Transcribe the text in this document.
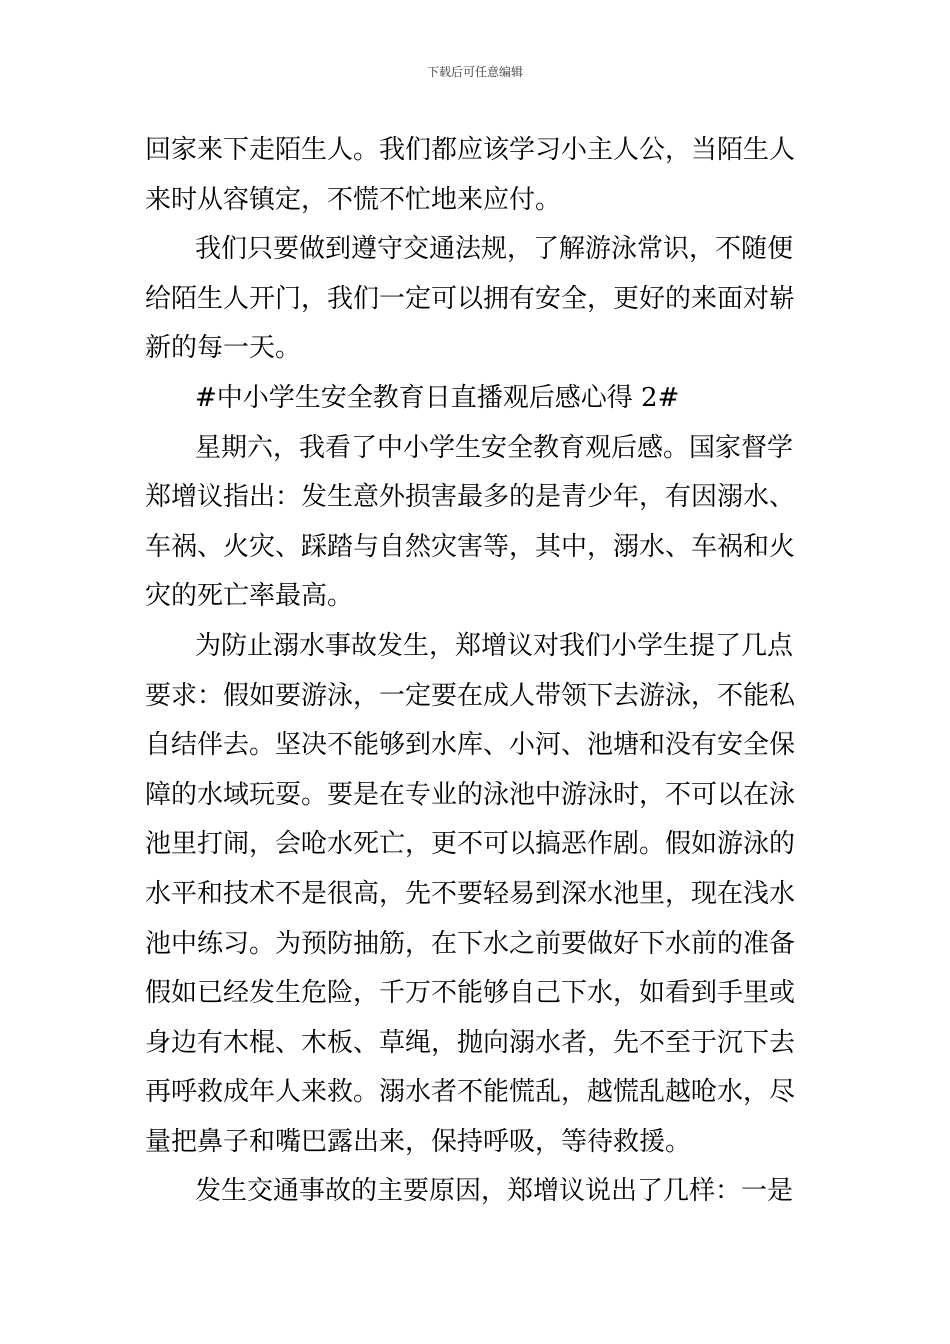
下载后可任意编辑
回家来下走陌生人。我们都应该学习小主人公，当陌生人
来时从容镇定，不慌不忙地来应付。
我们只要做到遵守交通法规，了解游泳常识，不随便
给陌生人开门，我们一定可以拥有安全，更好的来面对崭
新的每一天。
#中小学生安全教育日直播观后感心得 2#
星期六，我看了中小学生安全教育观后感。国家督学
郑增议指出：发生意外损害最多的是青少年，有因溺水、
车祸、火灾、踩踏与自然灾害等，其中，溺水、车祸和火
灾的死亡率最高。
为防止溺水事故发生，郑增议对我们小学生提了几点
要求：假如要游泳，一定要在成人带领下去游泳，不能私
自结伴去。坚决不能够到水库、小河、池塘和没有安全保
障的水域玩耍。要是在专业的泳池中游泳时，不可以在泳
池里打闹，会呛水死亡，更不可以搞恶作剧。假如游泳的
水平和技术不是很高，先不要轻易到深水池里，现在浅水
池中练习。为预防抽筋，在下水之前要做好下水前的准备
假如已经发生危险，千万不能够自己下水，如看到手里或
身边有木棍、木板、草绳，抛向溺水者，先不至于沉下去
再呼救成年人来救。溺水者不能慌乱，越慌乱越呛水，尽
量把鼻子和嘴巴露出来，保持呼吸，等待救援。
发生交通事故的主要原因，郑增议说出了几样：一是
